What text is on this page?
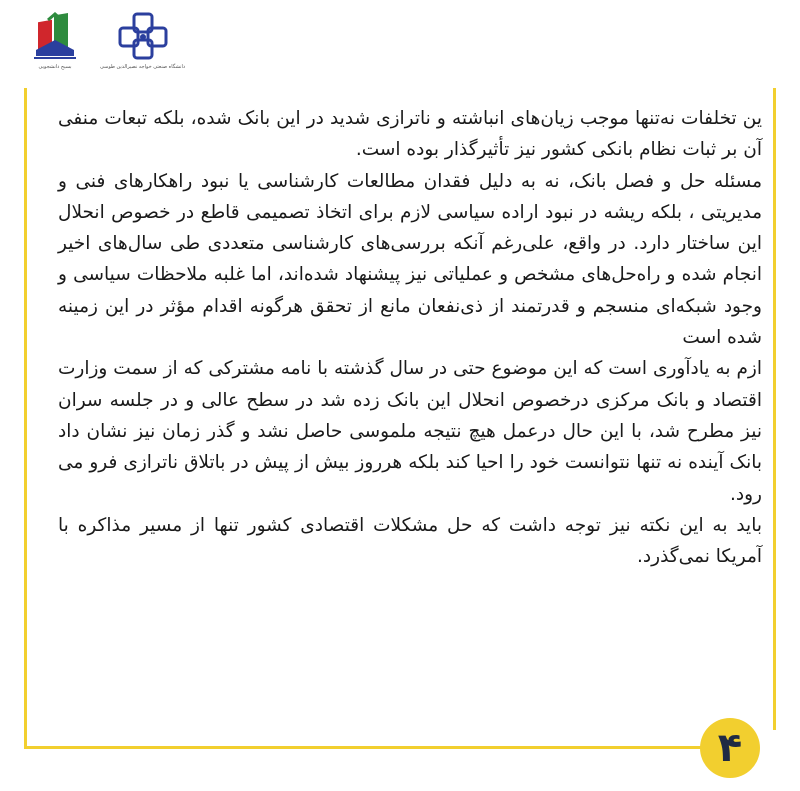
بسیج دانشجویی	دانشگاه صنعتی خواجه نصیرالدین طوسی

ین تخلفات نه‌تنها موجب زیان‌های انباشته و ناترازی شدید در این بانک شده، بلکه تبعات منفی آن بر ثبات نظام بانکی کشور نیز تأثیرگذار بوده است.

مسئله حل و فصل بانک، نه به دلیل فقدان مطالعات کارشناسی یا نبود راهکارهای فنی و مدیریتی ، بلکه ریشه در نبود اراده سیاسی لازم برای اتخاذ تصمیمی قاطع در خصوص انحلال این ساختار دارد. در واقع، علی‌رغم آنکه بررسی‌های کارشناسی متعددی طی سال‌های اخیر انجام شده و راه‌حل‌های مشخص و عملیاتی نیز پیشنهاد شده‌اند، اما غلبه ملاحظات سیاسی و وجود شبکه‌ای منسجم و قدرتمند از ذی‌نفعان مانع از تحقق هرگونه اقدام مؤثر در این زمینه شده است

ازم به یادآوری است که این موضوع حتی در سال گذشته با نامه مشترکی که از سمت وزارت اقتصاد و بانک مرکزی درخصوص انحلال این بانک زده شد در سطح عالی و در جلسه سران نیز مطرح شد، با این حال درعمل هیچ نتیجه ملموسی حاصل نشد و گذر زمان نیز نشان داد بانک آینده نه تنها نتوانست خود را احیا کند بلکه هرروز بیش از پیش در باتلاق ناترازی فرو می رود.

باید به این نکته نیز توجه داشت که حل مشکلات اقتصادی کشور تنها از مسیر مذاکره با آمریکا نمی‌گذرد.

۴
